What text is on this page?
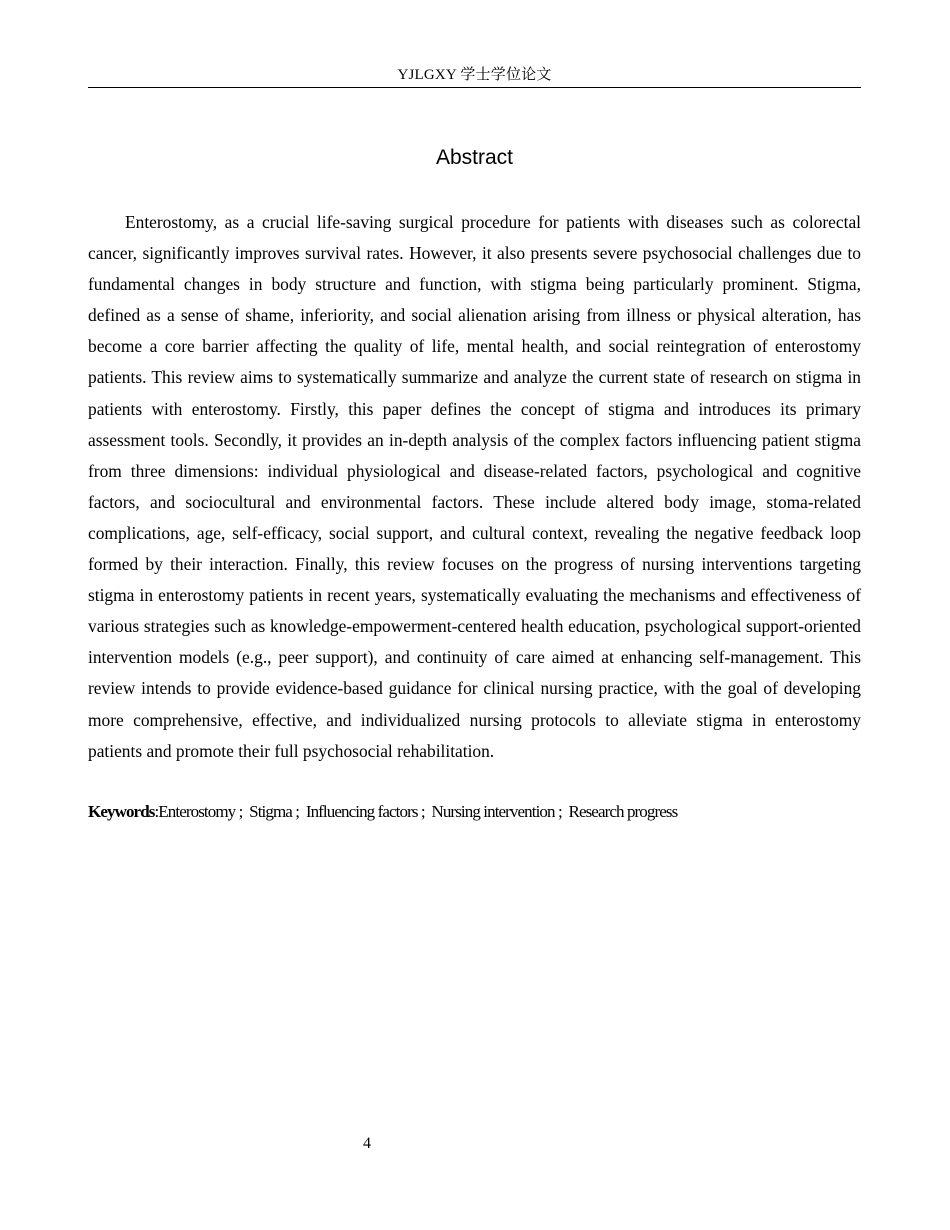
YJLGXY 学士学位论文
Abstract

Enterostomy, as a crucial life-saving surgical procedure for patients with diseases such as colorectal cancer, significantly improves survival rates. However, it also presents severe psychosocial challenges due to fundamental changes in body structure and function, with stigma being particularly prominent. Stigma, defined as a sense of shame, inferiority, and social alienation arising from illness or physical alteration, has become a core barrier affecting the quality of life, mental health, and social reintegration of enterostomy patients. This review aims to systematically summarize and analyze the current state of research on stigma in patients with enterostomy. Firstly, this paper defines the concept of stigma and introduces its primary assessment tools. Secondly, it provides an in-depth analysis of the complex factors influencing patient stigma from three dimensions: individual physiological and disease-related factors, psychological and cognitive factors, and sociocultural and environmental factors. These include altered body image, stoma-related complications, age, self-efficacy, social support, and cultural context, revealing the negative feedback loop formed by their interaction. Finally, this review focuses on the progress of nursing interventions targeting stigma in enterostomy patients in recent years, systematically evaluating the mechanisms and effectiveness of various strategies such as knowledge-empowerment-centered health education, psychological support-oriented intervention models (e.g., peer support), and continuity of care aimed at enhancing self-management. This review intends to provide evidence-based guidance for clinical nursing practice, with the goal of developing more comprehensive, effective, and individualized nursing protocols to alleviate stigma in enterostomy patients and promote their full psychosocial rehabilitation.

Keywords:Enterostomy ; Stigma ; Influencing factors ; Nursing intervention ; Research progress
4
